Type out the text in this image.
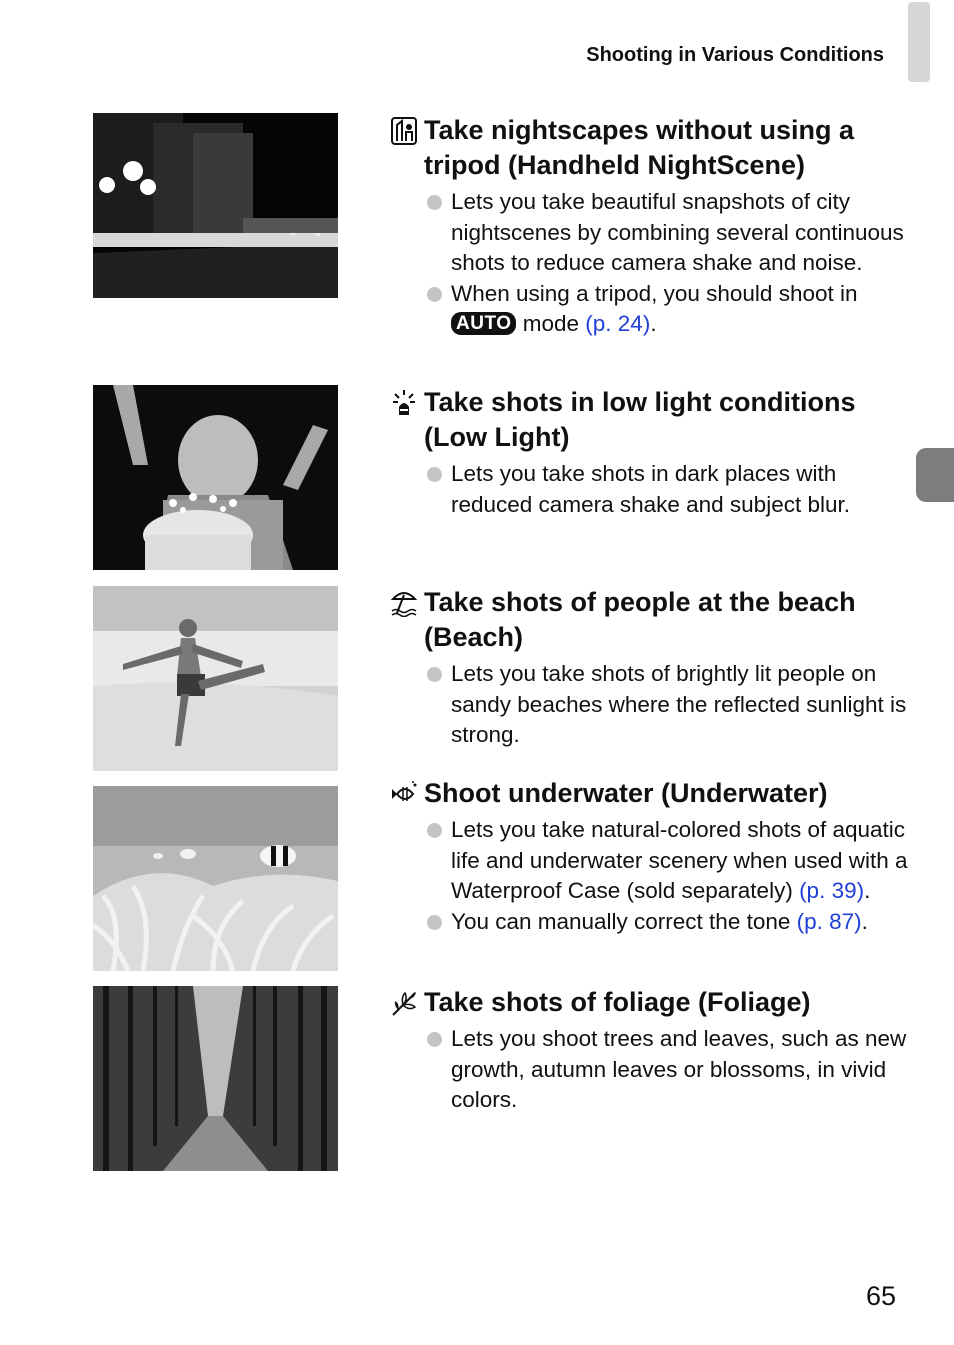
Shooting in Various Conditions
Take nightscapes without using a tripod (Handheld NightScene)
Lets you take beautiful snapshots of city nightscenes by combining several continuous shots to reduce camera shake and noise.
When using a tripod, you should shoot in AUTO mode (p. 24).
Take shots in low light conditions (Low Light)
Lets you take shots in dark places with reduced camera shake and subject blur.
Take shots of people at the beach (Beach)
Lets you take shots of brightly lit people on sandy beaches where the reflected sunlight is strong.
Shoot underwater (Underwater)
Lets you take natural-colored shots of aquatic life and underwater scenery when used with a Waterproof Case (sold separately) (p. 39).
You can manually correct the tone (p. 87).
Take shots of foliage (Foliage)
Lets you shoot trees and leaves, such as new growth, autumn leaves or blossoms, in vivid colors.
65
